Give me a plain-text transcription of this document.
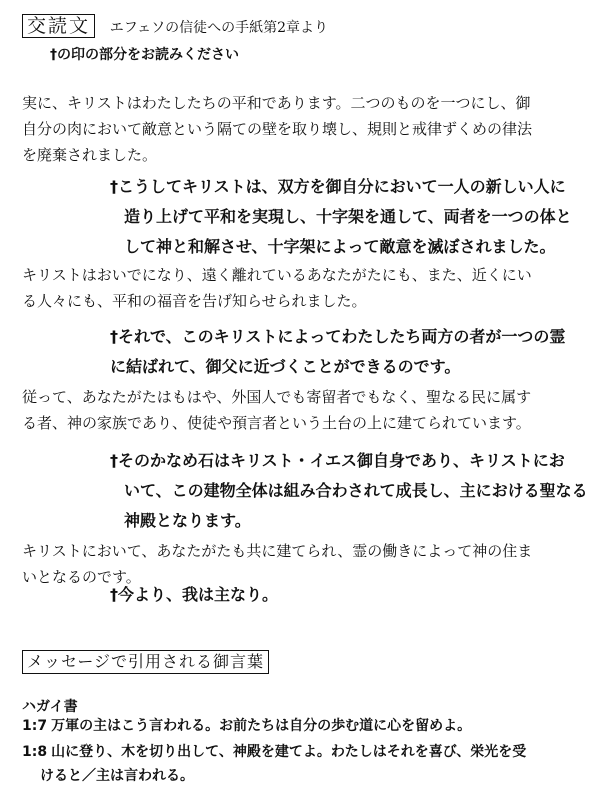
交読文 エフェソの信徒への手紙第2章より
†の印の部分をお読みください
実に、キリストはわたしたちの平和であります。二つのものを一つにし、御
自分の肉において敵意という隔ての壁を取り壊し、規則と戒律ずくめの律法
を廃棄されました。
†こうしてキリストは、双方を御自分において一人の新しい人に
造り上げて平和を実現し、十字架を通して、両者を一つの体と
して神と和解させ、十字架によって敵意を滅ぼされました。
キリストはおいでになり、遠く離れているあなたがたにも、また、近くにい
る人々にも、平和の福音を告げ知らせられました。
†それで、このキリストによってわたしたち両方の者が一つの霊
に結ばれて、御父に近づくことができるのです。
従って、あなたがたはもはや、外国人でも寄留者でもなく、聖なる民に属す
る者、神の家族であり、使徒や預言者という土台の上に建てられています。
†そのかなめ石はキリスト・イエス御自身であり、キリストにお
いて、この建物全体は組み合わされて成長し、主における聖なる
神殿となります。
キリストにおいて、あなたがたも共に建てられ、霊の働きによって神の住ま
いとなるのです。
†今より、我は主なり。
メッセージで引用される御言葉
ハガイ書
1:7 万軍の主はこう言われる。お前たちは自分の歩む道に心を留めよ。
1:8 山に登り、木を切り出して、神殿を建てよ。わたしはそれを喜び、栄光を受
けると／主は言われる。
